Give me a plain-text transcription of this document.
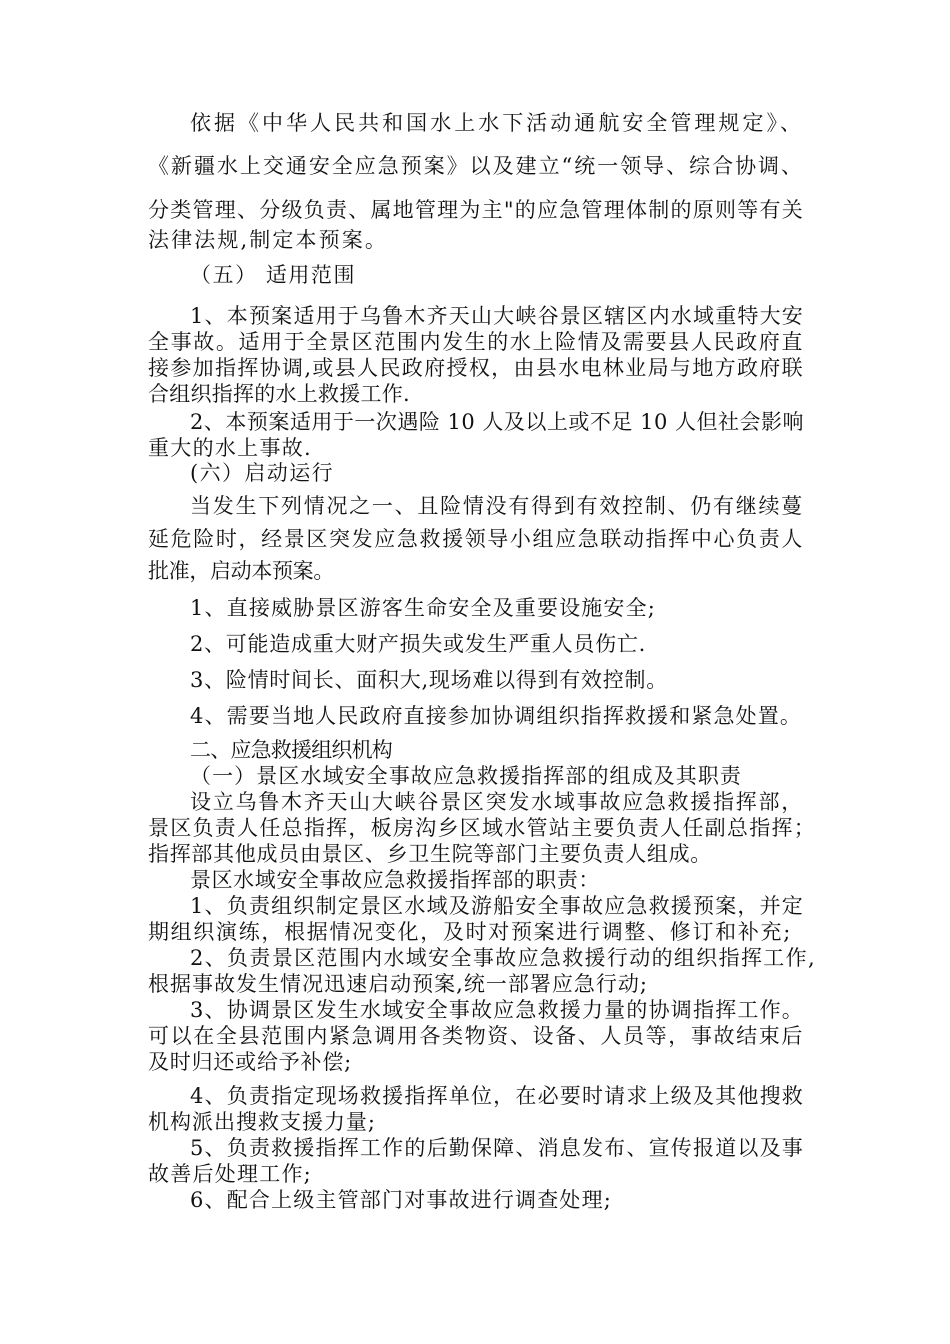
依据《中华人民共和国水上水下活动通航安全管理规定》、

《新疆水上交通安全应急预案》以及建立“统一领导、综合协调、

分类管理、分级负责、属地管理为主"的应急管理体制的原则等有关

法律法规,制定本预案。

（五） 适用范围

1、本预案适用于乌鲁木齐天山大峡谷景区辖区内水域重特大安

全事故。适用于全景区范围内发生的水上险情及需要县人民政府直

接参加指挥协调,或县人民政府授权，由县水电林业局与地方政府联

合组织指挥的水上救援工作.

2、本预案适用于一次遇险 10 人及以上或不足 10 人但社会影响

重大的水上事故.

(六）启动运行

当发生下列情况之一、且险情没有得到有效控制、仍有继续蔓

延危险时，经景区突发应急救援领导小组应急联动指挥中心负责人

批准，启动本预案。

1、直接威胁景区游客生命安全及重要设施安全;

2、可能造成重大财产损失或发生严重人员伤亡.

3、险情时间长、面积大,现场难以得到有效控制。

4、需要当地人民政府直接参加协调组织指挥救援和紧急处置。

二、应急救援组织机构

（一）景区水域安全事故应急救援指挥部的组成及其职责

设立乌鲁木齐天山大峡谷景区突发水域事故应急救援指挥部，

景区负责人任总指挥，板房沟乡区域水管站主要负责人任副总指挥；

指挥部其他成员由景区、乡卫生院等部门主要负责人组成。

景区水域安全事故应急救援指挥部的职责：

1、负责组织制定景区水域及游船安全事故应急救援预案，并定

期组织演练，根据情况变化，及时对预案进行调整、修订和补充;

2、负责景区范围内水域安全事故应急救援行动的组织指挥工作,

根据事故发生情况迅速启动预案,统一部署应急行动;

3、协调景区发生水域安全事故应急救援力量的协调指挥工作。

可以在全县范围内紧急调用各类物资、设备、人员等，事故结束后

及时归还或给予补偿;

4、负责指定现场救援指挥单位，在必要时请求上级及其他搜救

机构派出搜救支援力量;

5、负责救援指挥工作的后勤保障、消息发布、宣传报道以及事

故善后处理工作;

6、配合上级主管部门对事故进行调查处理;
